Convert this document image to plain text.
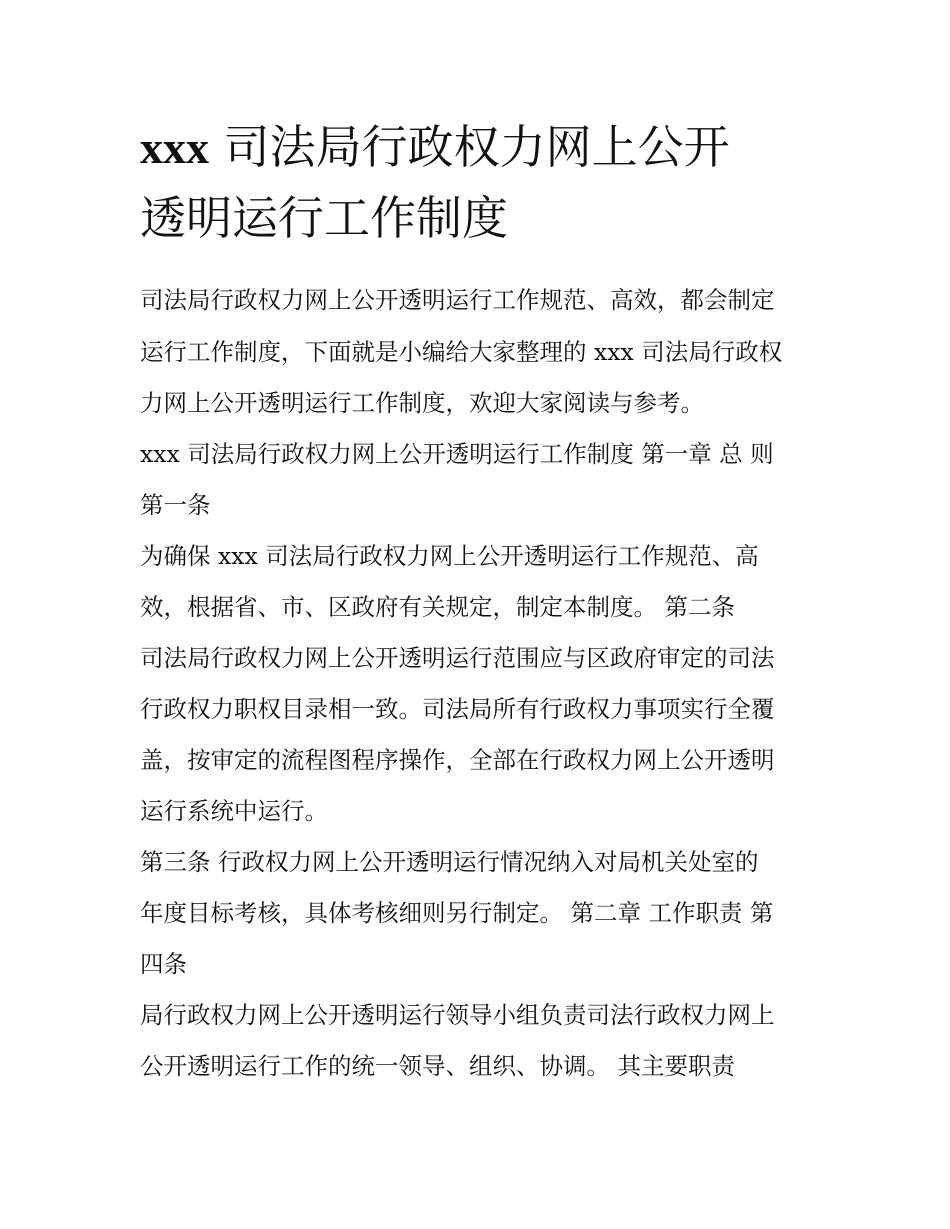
xxx 司法局行政权力网上公开
透明运行工作制度

司法局行政权力网上公开透明运行工作规范、高效，都会制定

运行工作制度，下面就是小编给大家整理的 xxx 司法局行政权

力网上公开透明运行工作制度，欢迎大家阅读与参考。

xxx 司法局行政权力网上公开透明运行工作制度 第一章 总 则

第一条

为确保 xxx 司法局行政权力网上公开透明运行工作规范、高

效，根据省、市、区政府有关规定，制定本制度。 第二条

司法局行政权力网上公开透明运行范围应与区政府审定的司法

行政权力职权目录相一致。司法局所有行政权力事项实行全覆

盖，按审定的流程图程序操作，全部在行政权力网上公开透明

运行系统中运行。

第三条 行政权力网上公开透明运行情况纳入对局机关处室的

年度目标考核，具体考核细则另行制定。 第二章 工作职责 第

四条

局行政权力网上公开透明运行领导小组负责司法行政权力网上

公开透明运行工作的统一领导、组织、协调。 其主要职责
